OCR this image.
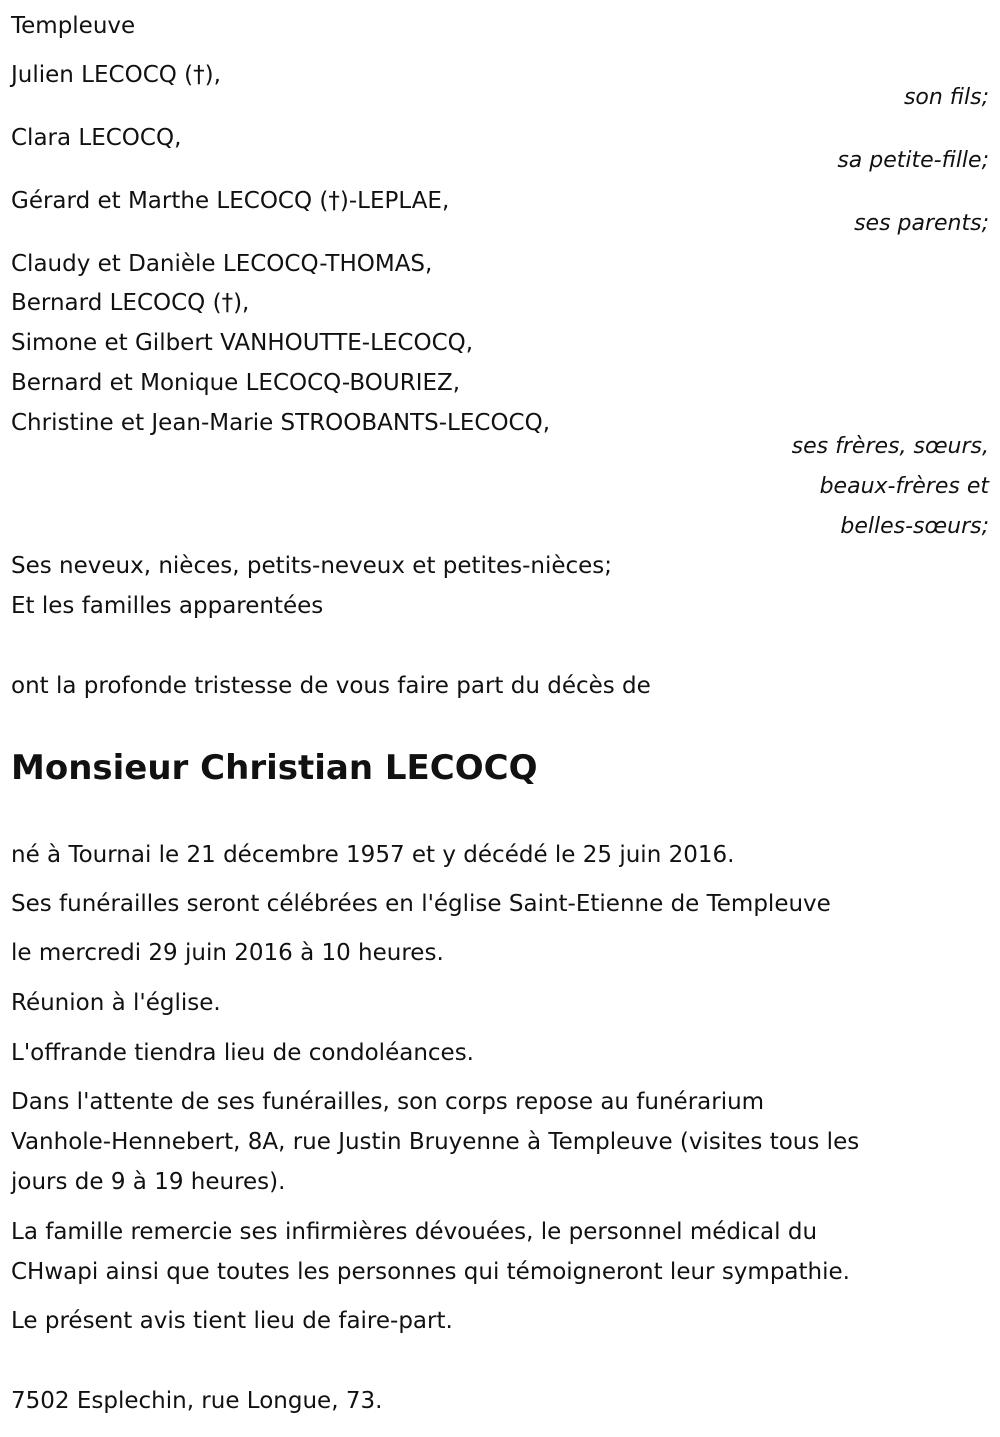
Templeuve
Julien LECOCQ (†),
son fils;
Clara LECOCQ,
sa petite-fille;
Gérard et Marthe LECOCQ (†)-LEPLAE,
ses parents;
Claudy et Danièle LECOCQ-THOMAS,
Bernard LECOCQ (†),
Simone et Gilbert VANHOUTTE-LECOCQ,
Bernard et Monique LECOCQ-BOURIEZ,
Christine et Jean-Marie STROOBANTS-LECOCQ,
ses frères, sœurs,
beaux-frères et
belles-sœurs;
Ses neveux, nièces, petits-neveux et petites-nièces;
Et les familles apparentées
ont la profonde tristesse de vous faire part du décès de
Monsieur Christian LECOCQ
né à Tournai le 21 décembre 1957 et y décédé le 25 juin 2016.
Ses funérailles seront célébrées en l'église Saint-Etienne de Templeuve
le mercredi 29 juin 2016 à 10 heures.
Réunion à l'église.
L'offrande tiendra lieu de condoléances.
Dans l'attente de ses funérailles, son corps repose au funérarium
Vanhole-Hennebert, 8A, rue Justin Bruyenne à Templeuve (visites tous les
jours de 9 à 19 heures).
La famille remercie ses infirmières dévouées, le personnel médical du
CHwapi ainsi que toutes les personnes qui témoigneront leur sympathie.
Le présent avis tient lieu de faire-part.
7502 Esplechin, rue Longue, 73.
